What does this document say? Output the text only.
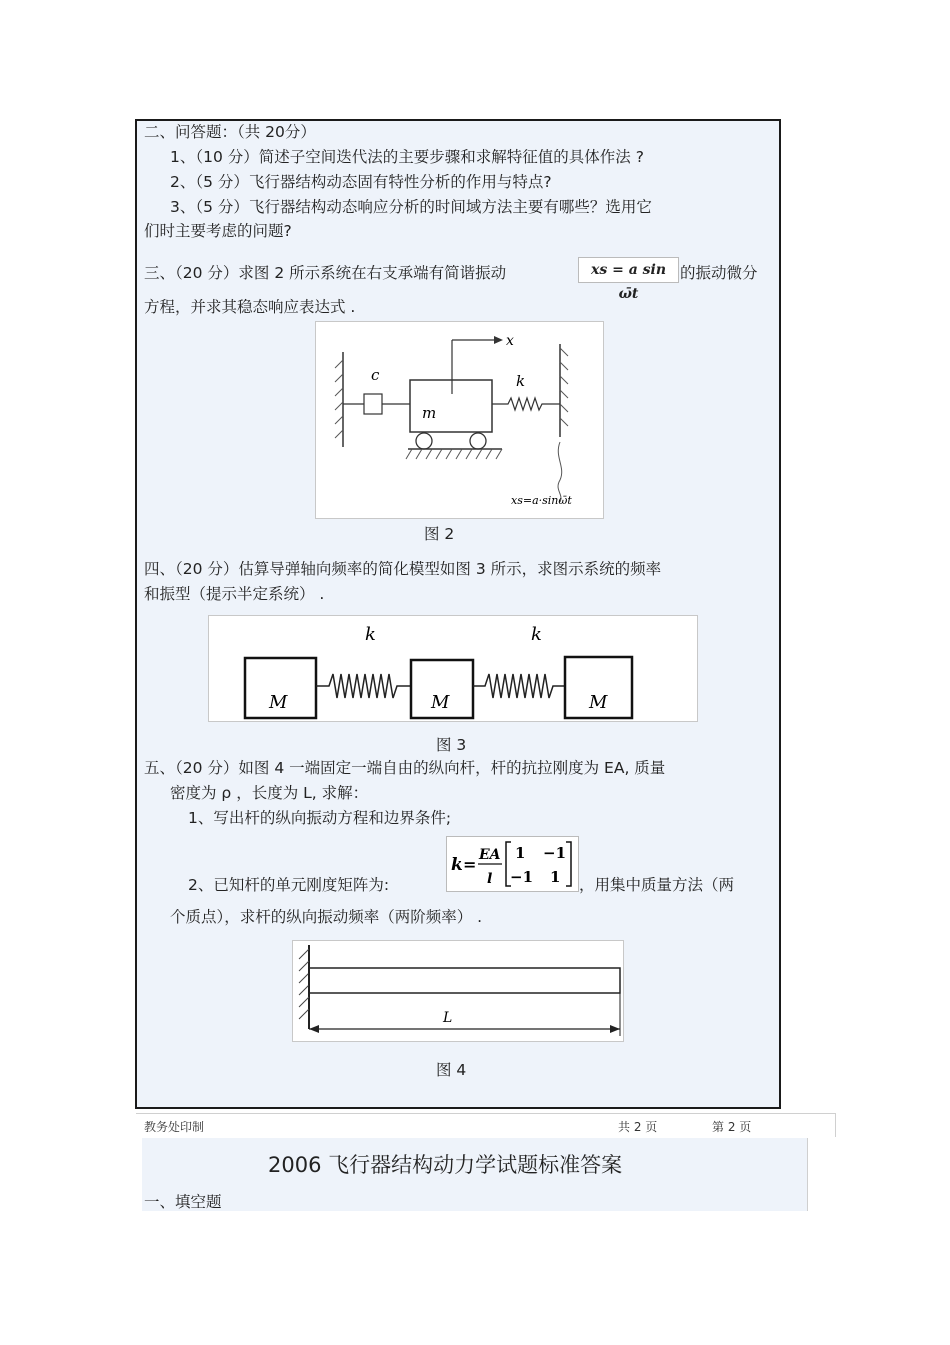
二、问答题：（共 20分）
1、（10 分）简述子空间迭代法的主要步骤和求解特征值的具体作法 ?
2、（5 分）飞行器结构动态固有特性分析的作用与特点?
3、（5 分）飞行器结构动态响应分析的时间域方法主要有哪些？选用它
们时主要考虑的问题?
三、（20 分）求图 2 所示系统在右支承端有简谐振动	xs = a sin ω̄t
的振动微分
方程，并求其稳态响应表达式 .
c
m
x
k
xs=a·sinω̄t
图 2
四、（20 分）估算导弹轴向频率的简化模型如图 3 所示，求图示系统的频率
和振型（提示半定系统） .
M
k
M
k
M
图 3
五、（20 分）如图 4 一端固定一端自由的纵向杆，杆的抗拉刚度为 EA, 质量
密度为 ρ ，长度为 L, 求解：
1、写出杆的纵向振动方程和边界条件;
2、已知杆的单元刚度矩阵为:
k = EA
l
1 −1
−1 1 ，用集中质量方法（两
个质点），求杆的纵向振动频率（两阶频率） .
L
图 4
教务处印制	共 2 页	第 2 页
2006 飞行器结构动力学试题标准答案
一、填空题
